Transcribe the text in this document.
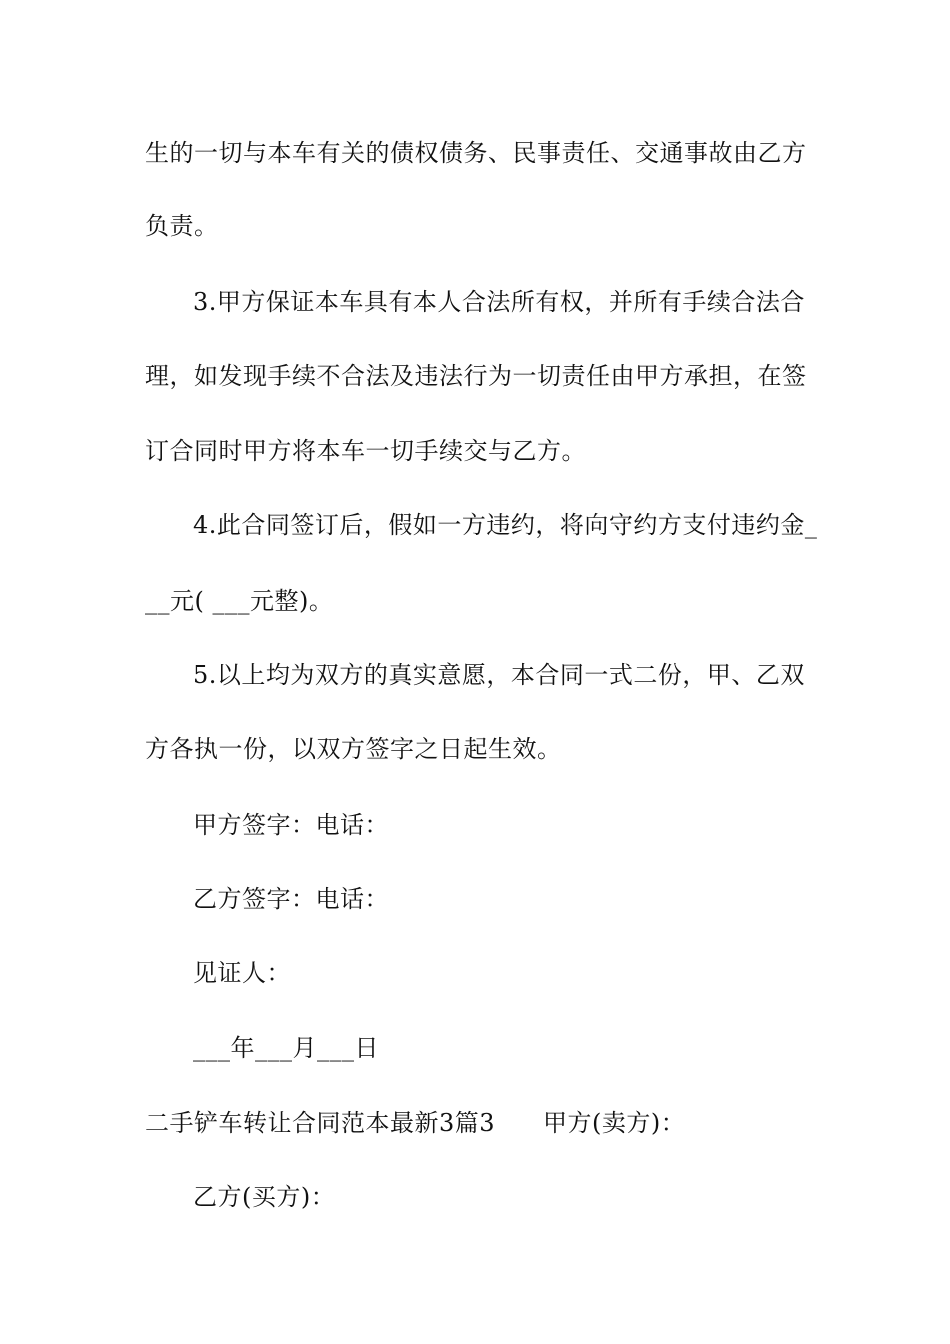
生的一切与本车有关的债权债务、民事责任、交通事故由乙方
负责。
3.甲方保证本车具有本人合法所有权，并所有手续合法合
理，如发现手续不合法及违法行为一切责任由甲方承担，在签
订合同时甲方将本车一切手续交与乙方。
4.此合同签订后，假如一方违约，将向守约方支付违约金_
__元( ___元整)。
5.以上均为双方的真实意愿，本合同一式二份，甲、乙双
方各执一份，以双方签字之日起生效。
甲方签字：电话：
乙方签字：电话：
见证人：
___年___月___日
二手铲车转让合同范本最新3篇3 甲方(卖方)：
乙方(买方)：
